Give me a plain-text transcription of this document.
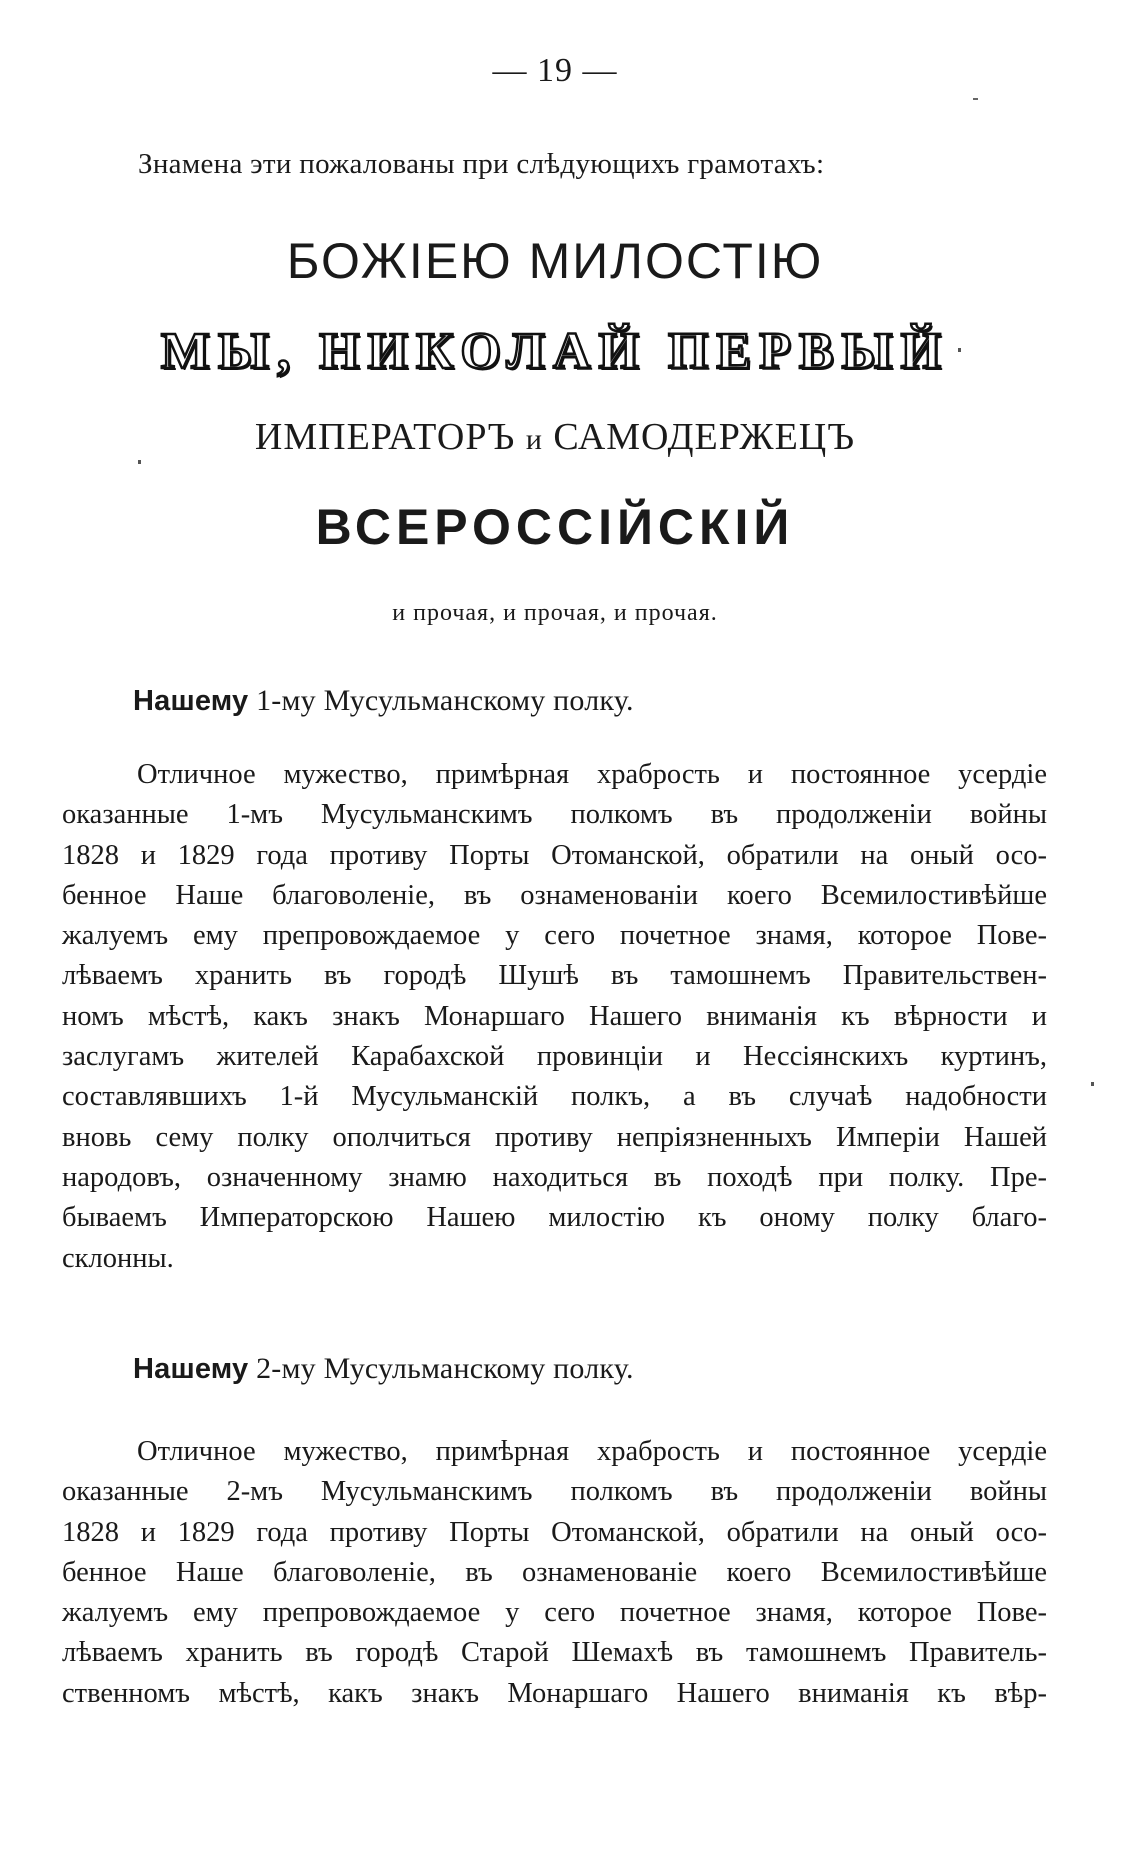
— 19 —
Знамена эти пожалованы при слѣдующихъ грамотахъ:
БОЖІЕЮ МИЛОСТІЮ
МЫ, НИКОЛАЙ ПЕРВЫЙ
ИМПЕРАТОРЪ и САМОДЕРЖЕЦЪ
ВСЕРОССІЙСКІЙ
и прочая, и прочая, и прочая.
Нашему 1-му Мусульманскому полку.
Отличное мужество, примѣрная храбрость и постоянное усердіе
оказанные 1-мъ Мусульманскимъ полкомъ въ продолженіи войны
1828 и 1829 года противу Порты Отоманской, обратили на оный осо-
бенное Наше благоволеніе, въ ознаменованіи коего Всемилостивѣйше
жалуемъ ему препровождаемое у сего почетное знамя, которое Пове-
лѣваемъ хранить въ городѣ Шушѣ въ тамошнемъ Правительствен-
номъ мѣстѣ, какъ знакъ Монаршаго Нашего вниманія къ вѣрности и
заслугамъ жителей Карабахской провинціи и Нессіянскихъ куртинъ,
составлявшихъ 1-й Мусульманскій полкъ, а въ случаѣ надобности
вновь сему полку ополчиться противу непріязненныхъ Имперіи Нашей
народовъ, означенному знамю находиться въ походѣ при полку. Пре-
бываемъ Императорскою Нашею милостію къ оному полку благо-
склонны.
Нашему 2-му Мусульманскому полку.
Отличное мужество, примѣрная храбрость и постоянное усердіе
оказанные 2-мъ Мусульманскимъ полкомъ въ продолженіи войны
1828 и 1829 года противу Порты Отоманской, обратили на оный осо-
бенное Наше благоволеніе, въ ознаменованіе коего Всемилостивѣйше
жалуемъ ему препровождаемое у сего почетное знамя, которое Пове-
лѣваемъ хранить въ городѣ Старой Шемахѣ въ тамошнемъ Правитель-
ственномъ мѣстѣ, какъ знакъ Монаршаго Нашего вниманія къ вѣр-
